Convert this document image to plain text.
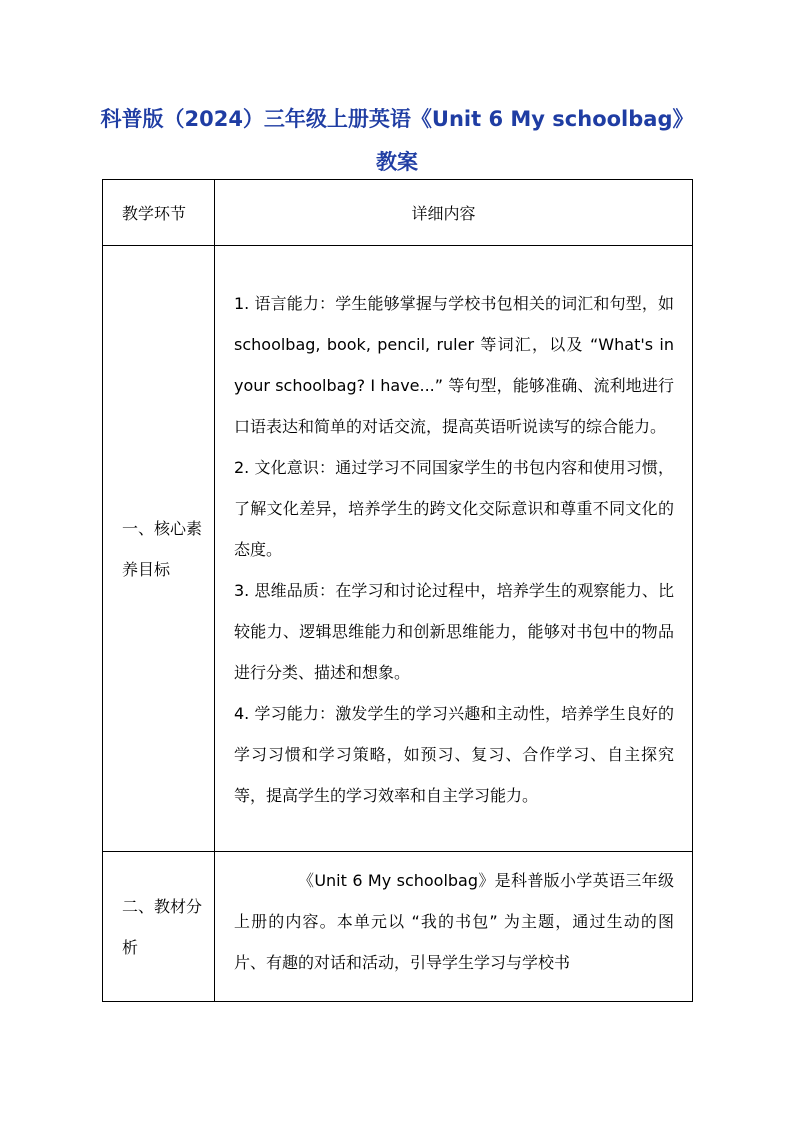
科普版（2024）三年级上册英语《Unit 6 My schoolbag》
教案
教学环节	详细内容

一、核心素养目标	1. 语言能力：学生能够掌握与学校书包相关的词汇和句型，如 schoolbag, book, pencil, ruler 等词汇，以及 “What's in your schoolbag? I have...” 等句型，能够准确、流利地进行口语表达和简单的对话交流，提高英语听说读写的综合能力。

2. 文化意识：通过学习不同国家学生的书包内容和使用习惯，了解文化差异，培养学生的跨文化交际意识和尊重不同文化的态度。

3. 思维品质：在学习和讨论过程中，培养学生的观察能力、比较能力、逻辑思维能力和创新思维能力，能够对书包中的物品进行分类、描述和想象。

4. 学习能力：激发学生的学习兴趣和主动性，培养学生良好的学习习惯和学习策略，如预习、复习、合作学习、自主探究等，提高学生的学习效率和自主学习能力。

二、教材分析	《Unit 6 My schoolbag》是科普版小学英语三年级上册的内容。本单元以 “我的书包” 为主题，通过生动的图片、有趣的对话和活动，引导学生学习与学校书
